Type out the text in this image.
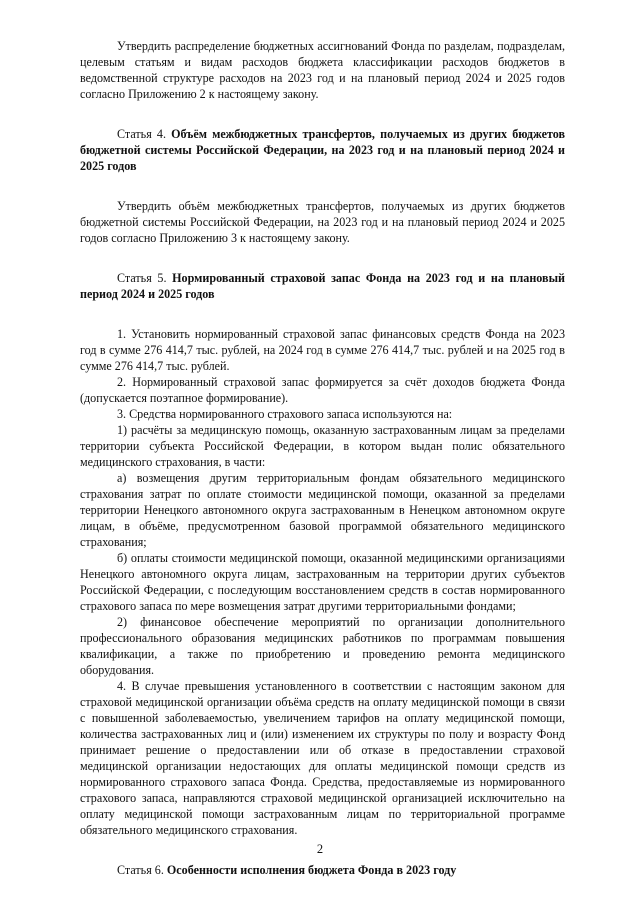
Утвердить распределение бюджетных ассигнований Фонда по разделам, подразделам, целевым статьям и видам расходов бюджета классификации расходов бюджетов в ведомственной структуре расходов на 2023 год и на плановый период 2024 и 2025 годов согласно Приложению 2 к настоящему закону.

Статья 4. Объём межбюджетных трансфертов, получаемых из других бюджетов бюджетной системы Российской Федерации, на 2023 год и на плановый период 2024 и 2025 годов

Утвердить объём межбюджетных трансфертов, получаемых из других бюджетов бюджетной системы Российской Федерации, на 2023 год и на плановый период 2024 и 2025 годов согласно Приложению 3 к настоящему закону.

Статья 5. Нормированный страховой запас Фонда на 2023 год и на плановый период 2024 и 2025 годов

1. Установить нормированный страховой запас финансовых средств Фонда на 2023 год в сумме 276 414,7 тыс. рублей, на 2024 год в сумме 276 414,7 тыс. рублей и на 2025 год в сумме 276 414,7 тыс. рублей.

2. Нормированный страховой запас формируется за счёт доходов бюджета Фонда (допускается поэтапное формирование).

3. Средства нормированного страхового запаса используются на:

1) расчёты за медицинскую помощь, оказанную застрахованным лицам за пределами территории субъекта Российской Федерации, в котором выдан полис обязательного медицинского страхования, в части:

а) возмещения другим территориальным фондам обязательного медицинского страхования затрат по оплате стоимости медицинской помощи, оказанной за пределами территории Ненецкого автономного округа застрахованным в Ненецком автономном округе лицам, в объёме, предусмотренном базовой программой обязательного медицинского страхования;

б) оплаты стоимости медицинской помощи, оказанной медицинскими организациями Ненецкого автономного округа лицам, застрахованным на территории других субъектов Российской Федерации, с последующим восстановлением средств в состав нормированного страхового запаса по мере возмещения затрат другими территориальными фондами;

2) финансовое обеспечение мероприятий по организации дополнительного профессионального образования медицинских работников по программам повышения квалификации, а также по приобретению и проведению ремонта медицинского оборудования.

4. В случае превышения установленного в соответствии с настоящим законом для страховой медицинской организации объёма средств на оплату медицинской помощи в связи с повышенной заболеваемостью, увеличением тарифов на оплату медицинской помощи, количества застрахованных лиц и (или) изменением их структуры по полу и возрасту Фонд принимает решение о предоставлении или об отказе в предоставлении страховой медицинской организации недостающих для оплаты медицинской помощи средств из нормированного страхового запаса Фонда. Средства, предоставляемые из нормированного страхового запаса, направляются страховой медицинской организацией исключительно на оплату медицинской помощи застрахованным лицам по территориальной программе обязательного медицинского страхования.

Статья 6. Особенности исполнения бюджета Фонда в 2023 году

2
